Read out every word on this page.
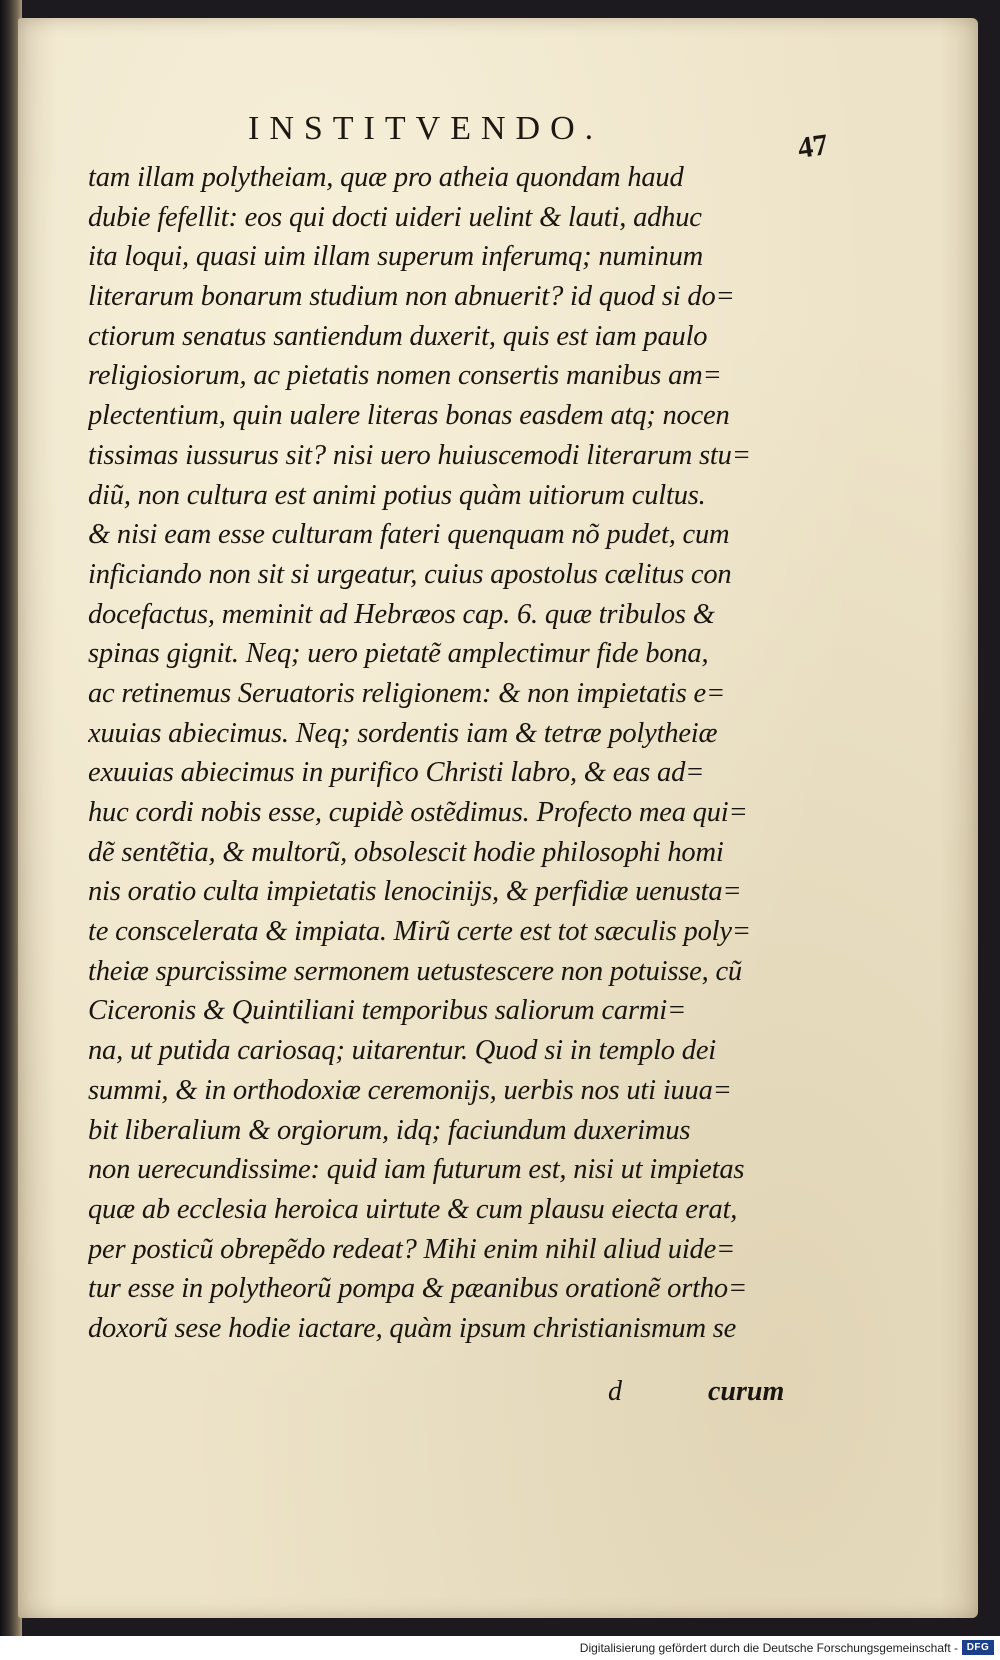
INSTITVENDO.	47
tam illam polytheiam, quæ pro atheia quondam haud
dubie fefellit: eos qui docti uideri uelint & lauti, adhuc
ita loqui, quasi uim illam superum inferumq; numinum
literarum bonarum studium non abnuerit? id quod si do=
ctiorum senatus santiendum duxerit, quis est iam paulo
religiosiorum, ac pietatis nomen consertis manibus am=
plectentium, quin ualere literas bonas easdem atq; nocen
tissimas iussurus sit? nisi uero huiuscemodi literarum stu=
diũ, non cultura est animi potius quàm uitiorum cultus.
& nisi eam esse culturam fateri quenquam nõ pudet, cum
inficiando non sit si urgeatur, cuius apostolus cælitus con
docefactus, meminit ad Hebræos cap. 6. quæ tribulos &
spinas gignit. Neq; uero pietatẽ amplectimur fide bona,
ac retinemus Seruatoris religionem: & non impietatis e=
xuuias abiecimus. Neq; sordentis iam & tetræ polytheiæ
exuuias abiecimus in purifico Christi labro, & eas ad=
huc cordi nobis esse, cupidè ostẽdimus. Profecto mea qui=
dẽ sentẽtia, & multorũ, obsolescit hodie philosophi homi
nis oratio culta impietatis lenocinijs, & perfidiæ uenusta=
te conscelerata & impiata. Mirũ certe est tot sæculis poly=
theiæ spurcissime sermonem uetustescere non potuisse, cũ
Ciceronis & Quintiliani temporibus saliorum carmi=
na, ut putida cariosaq; uitarentur. Quod si in templo dei
summi, & in orthodoxiæ ceremonijs, uerbis nos uti iuua=
bit liberalium & orgiorum, idq; faciundum duxerimus
non uerecundissime: quid iam futurum est, nisi ut impietas
quæ ab ecclesia heroica uirtute & cum plausu eiecta erat,
per posticũ obrepẽdo redeat? Mihi enim nihil aliud uide=
tur esse in polytheorũ pompa & pæanibus orationẽ ortho=
doxorũ sese hodie iactare, quàm ipsum christianismum se
d	curum
Digitalisierung gefördert durch die Deutsche Forschungsgemeinschaft - DFG
